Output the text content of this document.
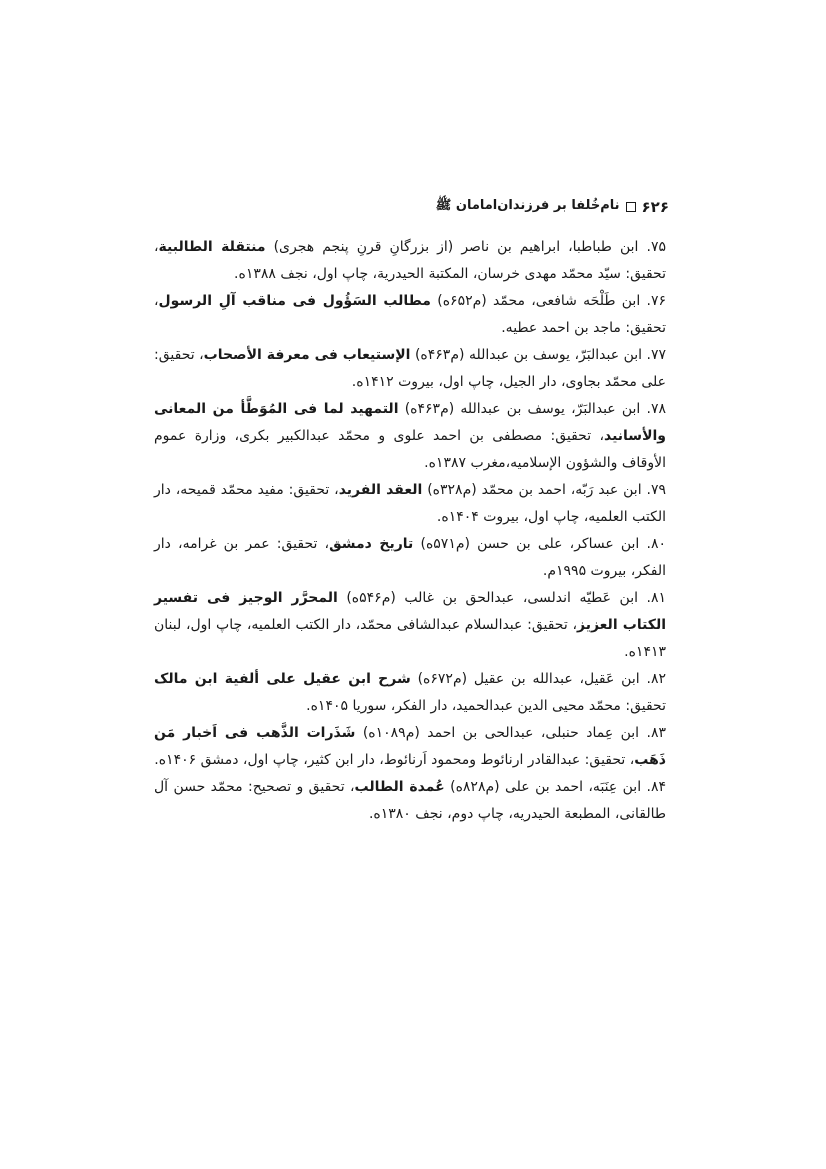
۶۲۶
نام‌خُلفا بر فرزندان‌امامان ﷺ

۷۵. ابن طباطبا، ابراهیم بن ناصر (از بزرگانِ قرنِ پنجم هجری) منتقلة الطالبیة، تحقیق: سیّد محمّد مهدی خرسان، المکتبة الحیدریة، چاپ اول، نجف ۱۳۸۸ه.

۷۶. ابن طَلْحَه شافعی، محمّد (م۶۵۲ه) مطالب السَؤُول فی مناقب آلِ الرسول، تحقیق: ماجد بن احمد عطیه.

۷۷. ابن عبدالبَرّ، یوسف بن عبدالله (م۴۶۳ه) الإستیعاب فی معرفة الأصحاب، تحقیق: علی محمّد بجاوی، دار الجیل، چاپ اول، بیروت ۱۴۱۲ه.

۷۸. ابن عبدالبَرّ، یوسف بن عبدالله (م۴۶۳ه) التمهید لما فی المُوَطَّأ من المعانی والأسانید، تحقیق: مصطفی بن احمد علوی و محمّد عبدالکبیر بکری، وزارة عموم الأوقاف والشؤون الإسلامیه،مغرب ۱۳۸۷ه.

۷۹. ابن عبد رَبّه، احمد بن محمّد (م۳۲۸ه) العقد الفرید، تحقیق: مفید محمّد قمیحه، دار الکتب العلمیه، چاپ اول، بیروت ۱۴۰۴ه.

۸۰. ابن عساکر، علی بن حسن (م۵۷۱ه) تاریخ دمشق، تحقیق: عمر بن غرامه، دار الفکر، بیروت ۱۹۹۵م.

۸۱. ابن عَطیّه اندلسی، عبدالحق بن غالب (م۵۴۶ه) المحرَّر الوجیز فی تفسیر الکتاب العزیز، تحقیق: عبدالسلام عبدالشافی محمّد، دار الکتب العلمیه، چاپ اول، لبنان ۱۴۱۳ه.

۸۲. ابن عَقیل، عبدالله بن عقیل (م۶۷۲ه) شرح ابن عقیل علی ألفیة ابن مالک تحقیق: محمّد محیی الدین عبدالحمید، دار الفکر، سوریا ۱۴۰۵ه.

۸۳. ابن عِماد حنبلی، عبدالحی بن احمد (م۱۰۸۹ه) شَذَرات الذَّهب فی اَخبار مَن ذَهَب، تحقیق: عبدالقادر ارنائوط ومحمود اَرنائوط، دار ابن کثیر، چاپ اول، دمشق ۱۴۰۶ه.

۸۴. ابن عِنَبَه، احمد بن علی (م۸۲۸ه) عُمدة الطالب، تحقیق و تصحیح: محمّد حسن آل طالقانی، المطبعة الحیدریه، چاپ دوم، نجف ۱۳۸۰ه.
